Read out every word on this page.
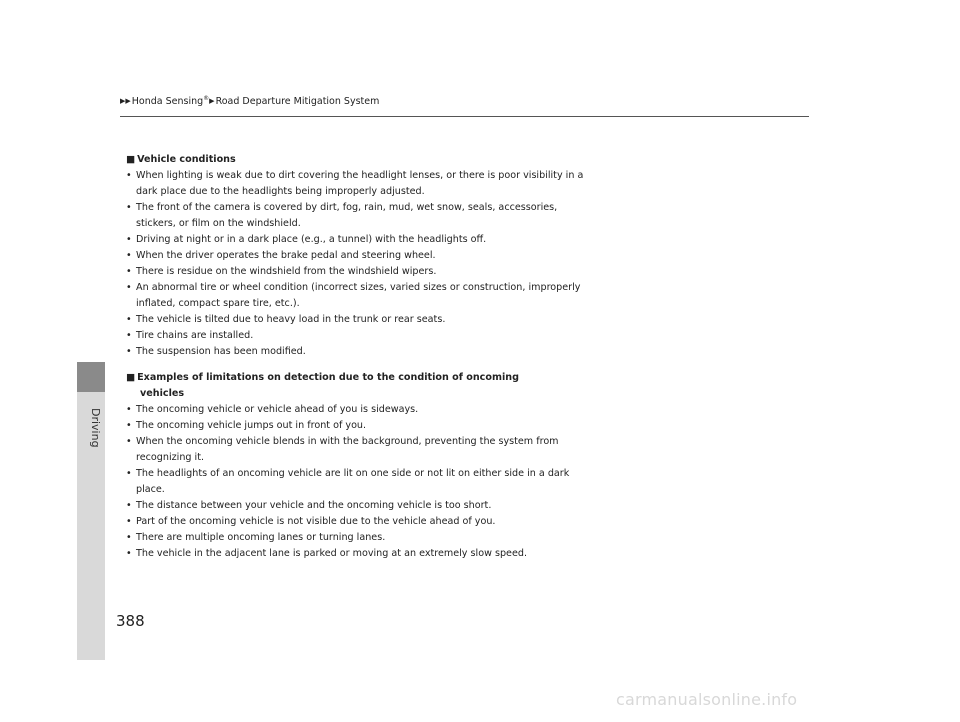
▶▶Honda Sensing®▶Road Departure Mitigation System
Driving

■ Vehicle conditions

• When lighting is weak due to dirt covering the headlight lenses, or there is poor visibility in a dark place due to the headlights being improperly adjusted.
• The front of the camera is covered by dirt, fog, rain, mud, wet snow, seals, accessories, stickers, or film on the windshield.
• Driving at night or in a dark place (e.g., a tunnel) with the headlights off.
• When the driver operates the brake pedal and steering wheel.
• There is residue on the windshield from the windshield wipers.
• An abnormal tire or wheel condition (incorrect sizes, varied sizes or construction, improperly inflated, compact spare tire, etc.).
• The vehicle is tilted due to heavy load in the trunk or rear seats.
• Tire chains are installed.
• The suspension has been modified.

■ Examples of limitations on detection due to the condition of oncoming
vehicles

• The oncoming vehicle or vehicle ahead of you is sideways.
• The oncoming vehicle jumps out in front of you.
• When the oncoming vehicle blends in with the background, preventing the system from recognizing it.
• The headlights of an oncoming vehicle are lit on one side or not lit on either side in a dark place.
• The distance between your vehicle and the oncoming vehicle is too short.
• Part of the oncoming vehicle is not visible due to the vehicle ahead of you.
• There are multiple oncoming lanes or turning lanes.
• The vehicle in the adjacent lane is parked or moving at an extremely slow speed.
388
carmanualsonline.info
